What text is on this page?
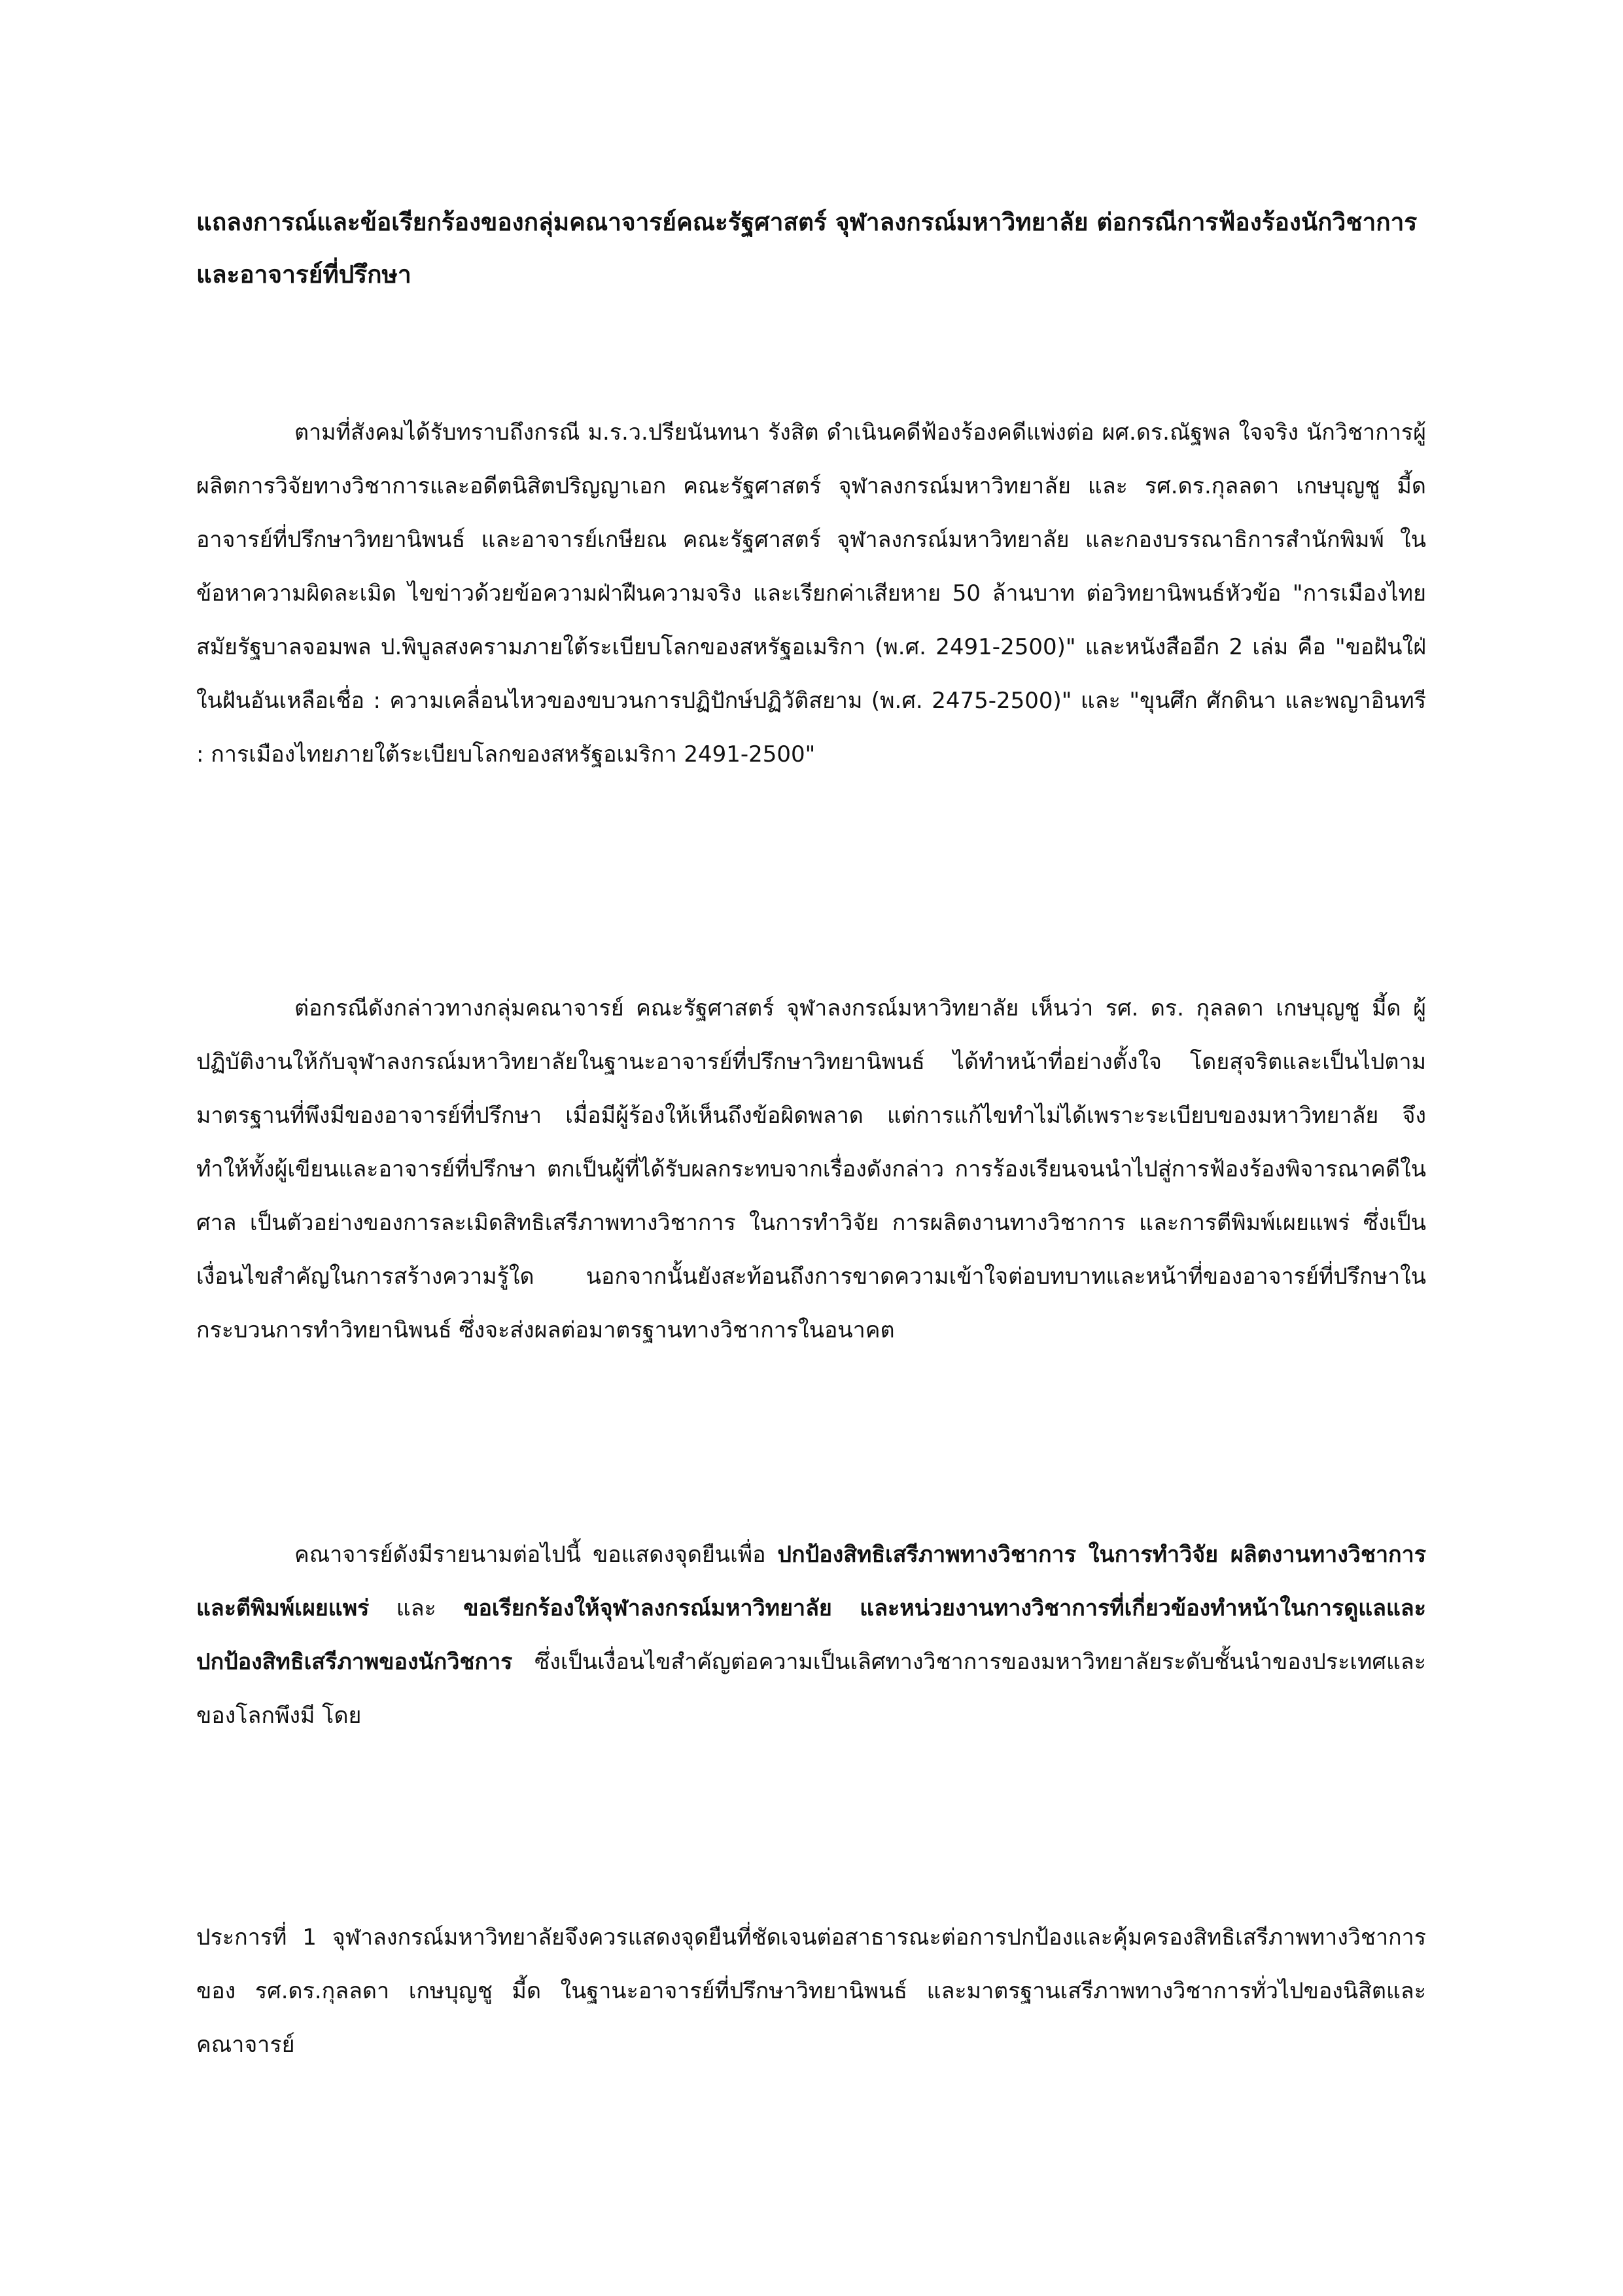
แถลงการณ์และข้อเรียกร้องของกลุ่มคณาจารย์คณะรัฐศาสตร์ จุฬาลงกรณ์มหาวิทยาลัย ต่อกรณีการฟ้องร้องนักวิชาการและอาจารย์ที่ปรึกษา

ตามที่สังคมได้รับทราบถึงกรณี ม.ร.ว.ปรียนันทนา รังสิต ดำเนินคดีฟ้องร้องคดีแพ่งต่อ ผศ.ดร.ณัฐพล ใจจริง นักวิชาการผู้ผลิตการวิจัยทางวิชาการและอดีตนิสิตปริญญาเอก คณะรัฐศาสตร์ จุฬาลงกรณ์มหาวิทยาลัย และ รศ.ดร.กุลลดา เกษบุญชู มี้ด อาจารย์ที่ปรึกษาวิทยานิพนธ์ และอาจารย์เกษียณ คณะรัฐศาสตร์ จุฬาลงกรณ์มหาวิทยาลัย และกองบรรณาธิการสำนักพิมพ์ ในข้อหาความผิดละเมิด ไขข่าวด้วยข้อความฝ่าฝืนความจริง และเรียกค่าเสียหาย 50 ล้านบาท ต่อวิทยานิพนธ์หัวข้อ "การเมืองไทยสมัยรัฐบาลจอมพล ป.พิบูลสงครามภายใต้ระเบียบโลกของสหรัฐอเมริกา (พ.ศ. 2491-2500)" และหนังสืออีก 2 เล่ม คือ "ขอฝันใฝ่ในฝันอันเหลือเชื่อ : ความเคลื่อนไหวของขบวนการปฏิปักษ์ปฏิวัติสยาม (พ.ศ. 2475-2500)" และ "ขุนศึก ศักดินา และพญาอินทรี : การเมืองไทยภายใต้ระเบียบโลกของสหรัฐอเมริกา 2491-2500"

ต่อกรณีดังกล่าวทางกลุ่มคณาจารย์ คณะรัฐศาสตร์ จุฬาลงกรณ์มหาวิทยาลัย เห็นว่า รศ. ดร. กุลลดา เกษบุญชู มี้ด ผู้ปฏิบัติงานให้กับจุฬาลงกรณ์มหาวิทยาลัยในฐานะอาจารย์ที่ปรึกษาวิทยานิพนธ์ ได้ทำหน้าที่อย่างตั้งใจ โดยสุจริตและเป็นไปตามมาตรฐานที่พึงมีของอาจารย์ที่ปรึกษา เมื่อมีผู้ร้องให้เห็นถึงข้อผิดพลาด แต่การแก้ไขทำไม่ได้เพราะระเบียบของมหาวิทยาลัย จึงทำให้ทั้งผู้เขียนและอาจารย์ที่ปรึกษา ตกเป็นผู้ที่ได้รับผลกระทบจากเรื่องดังกล่าว การร้องเรียนจนนำไปสู่การฟ้องร้องพิจารณาคดีในศาล เป็นตัวอย่างของการละเมิดสิทธิเสรีภาพทางวิชาการ ในการทำวิจัย การผลิตงานทางวิชาการ และการตีพิมพ์เผยแพร่ ซึ่งเป็นเงื่อนไขสำคัญในการสร้างความรู้ใด นอกจากนั้นยังสะท้อนถึงการขาดความเข้าใจต่อบทบาทและหน้าที่ของอาจารย์ที่ปรึกษาในกระบวนการทำวิทยานิพนธ์ ซึ่งจะส่งผลต่อมาตรฐานทางวิชาการในอนาคต

คณาจารย์ดังมีรายนามต่อไปนี้ ขอแสดงจุดยืนเพื่อ ปกป้องสิทธิเสรีภาพทางวิชาการ ในการทำวิจัย ผลิตงานทางวิชาการ และตีพิมพ์เผยแพร่ และ ขอเรียกร้องให้จุฬาลงกรณ์มหาวิทยาลัย และหน่วยงานทางวิชาการที่เกี่ยวข้องทำหน้าในการดูแลและปกป้องสิทธิเสรีภาพของนักวิชการ ซึ่งเป็นเงื่อนไขสำคัญต่อความเป็นเลิศทางวิชาการของมหาวิทยาลัยระดับชั้นนำของประเทศและของโลกพึงมี โดย

ประการที่ 1 จุฬาลงกรณ์มหาวิทยาลัยจึงควรแสดงจุดยืนที่ชัดเจนต่อสาธารณะต่อการปกป้องและคุ้มครองสิทธิเสรีภาพทางวิชาการของ รศ.ดร.กุลลดา เกษบุญชู มี้ด ในฐานะอาจารย์ที่ปรึกษาวิทยานิพนธ์ และมาตรฐานเสรีภาพทางวิชาการทั่วไปของนิสิตและคณาจารย์
